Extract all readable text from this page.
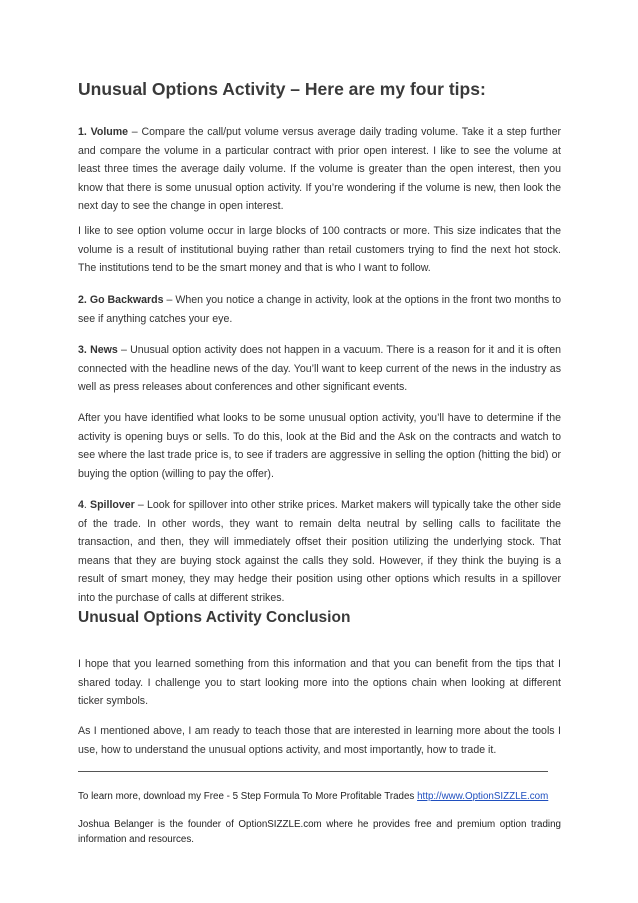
Unusual Options Activity – Here are my four tips:

1. Volume – Compare the call/put volume versus average daily trading volume. Take it a step further and compare the volume in a particular contract with prior open interest. I like to see the volume at least three times the average daily volume. If the volume is greater than the open interest, then you know that there is some unusual option activity. If you’re wondering if the volume is new, then look the next day to see the change in open interest.

I like to see option volume occur in large blocks of 100 contracts or more. This size indicates that the volume is a result of institutional buying rather than retail customers trying to find the next hot stock. The institutions tend to be the smart money and that is who I want to follow.

2. Go Backwards – When you notice a change in activity, look at the options in the front two months to see if anything catches your eye.

3. News – Unusual option activity does not happen in a vacuum. There is a reason for it and it is often connected with the headline news of the day. You’ll want to keep current of the news in the industry as well as press releases about conferences and other significant events.

After you have identified what looks to be some unusual option activity, you’ll have to determine if the activity is opening buys or sells. To do this, look at the Bid and the Ask on the contracts and watch to see where the last trade price is, to see if traders are aggressive in selling the option (hitting the bid) or buying the option (willing to pay the offer).

4. Spillover – Look for spillover into other strike prices. Market makers will typically take the other side of the trade. In other words, they want to remain delta neutral by selling calls to facilitate the transaction, and then, they will immediately offset their position utilizing the underlying stock. That means that they are buying stock against the calls they sold. However, if they think the buying is a result of smart money, they may hedge their position using other options which results in a spillover into the purchase of calls at different strikes.

Unusual Options Activity Conclusion

I hope that you learned something from this information and that you can benefit from the tips that I shared today. I challenge you to start looking more into the options chain when looking at different ticker symbols.

As I mentioned above, I am ready to teach those that are interested in learning more about the tools I use, how to understand the unusual options activity, and most importantly, how to trade it.

To learn more, download my Free - 5 Step Formula To More Profitable Trades http://www.OptionSIZZLE.com

Joshua Belanger is the founder of OptionSIZZLE.com where he provides free and premium option trading information and resources.
